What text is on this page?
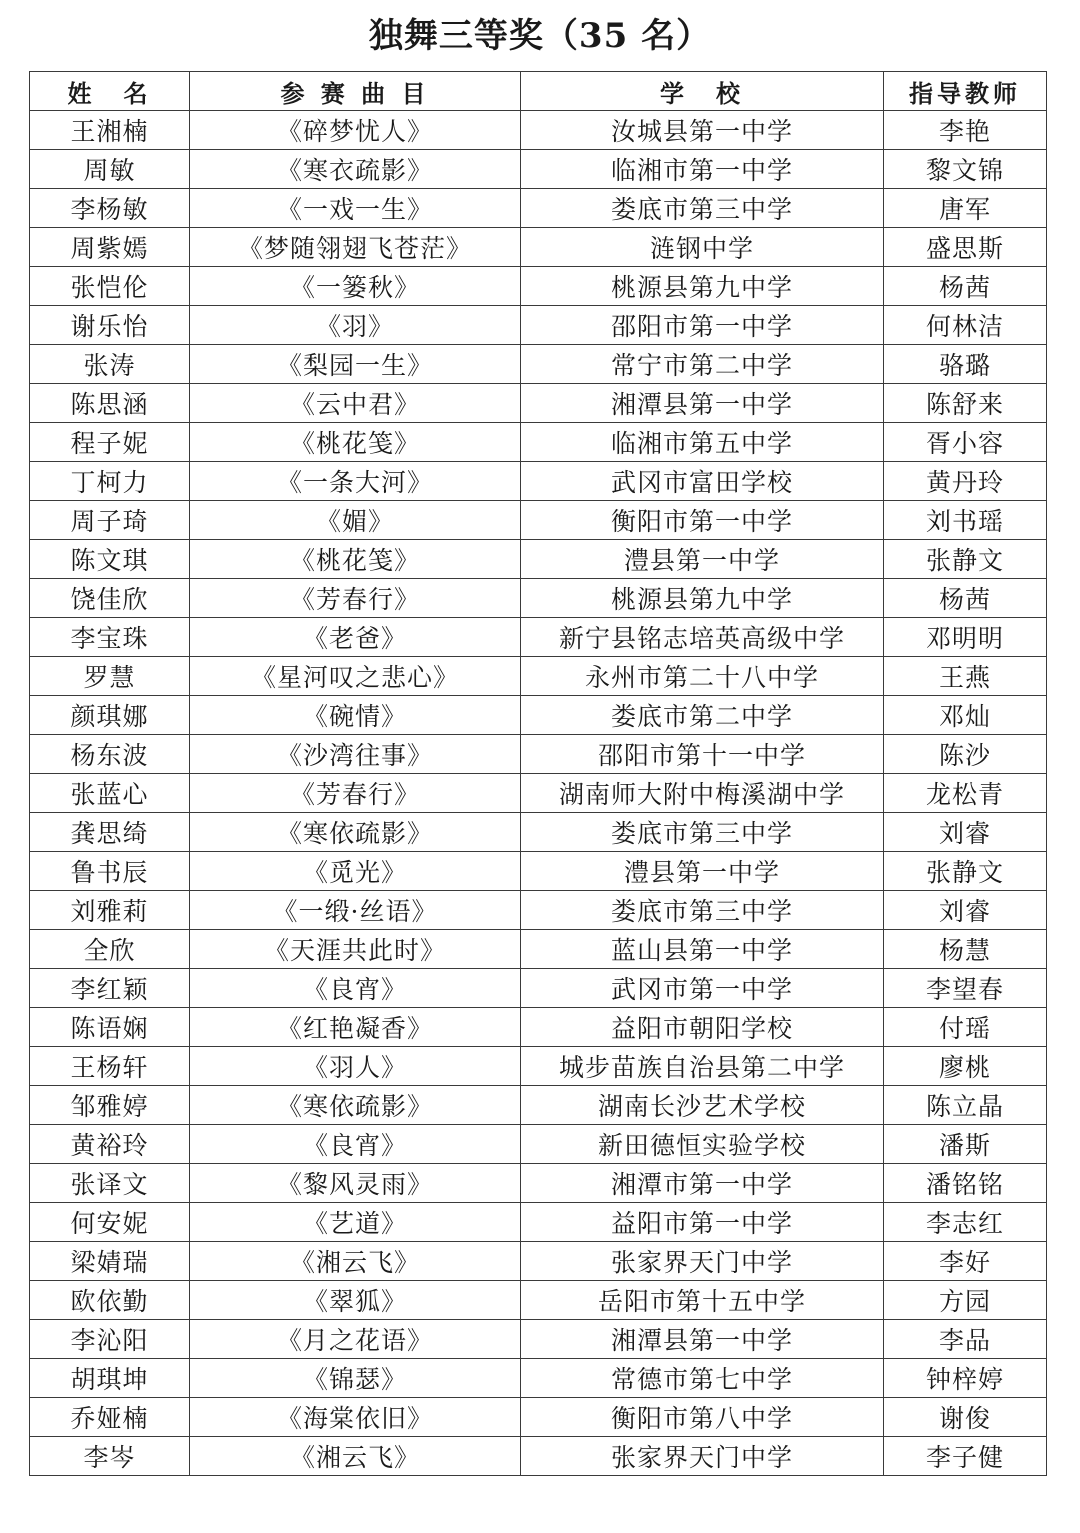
独舞三等奖（35 名）
姓　名	参 赛 曲 目	学　校	指导教师
王湘楠	《碎梦忧人》	汝城县第一中学	李艳
周敏	《寒衣疏影》	临湘市第一中学	黎文锦
李杨敏	《一戏一生》	娄底市第三中学	唐军
周紫嫣	《梦随翎翅飞苍茫》	涟钢中学	盛思斯
张恺伦	《一篓秋》	桃源县第九中学	杨茜
谢乐怡	《羽》	邵阳市第一中学	何林洁
张涛	《梨园一生》	常宁市第二中学	骆璐
陈思涵	《云中君》	湘潭县第一中学	陈舒来
程子妮	《桃花笺》	临湘市第五中学	胥小容
丁柯力	《一条大河》	武冈市富田学校	黄丹玲
周子琦	《媚》	衡阳市第一中学	刘书瑶
陈文琪	《桃花笺》	澧县第一中学	张静文
饶佳欣	《芳春行》	桃源县第九中学	杨茜
李宝珠	《老爸》	新宁县铭志培英高级中学	邓明明
罗慧	《星河叹之悲心》	永州市第二十八中学	王燕
颜琪娜	《碗情》	娄底市第二中学	邓灿
杨东波	《沙湾往事》	邵阳市第十一中学	陈沙
张蓝心	《芳春行》	湖南师大附中梅溪湖中学	龙松青
龚思绮	《寒依疏影》	娄底市第三中学	刘睿
鲁书辰	《觅光》	澧县第一中学	张静文
刘雅莉	《一缎·丝语》	娄底市第三中学	刘睿
全欣	《天涯共此时》	蓝山县第一中学	杨慧
李红颖	《良宵》	武冈市第一中学	李望春
陈语娴	《红艳凝香》	益阳市朝阳学校	付瑶
王杨轩	《羽人》	城步苗族自治县第二中学	廖桃
邹雅婷	《寒依疏影》	湖南长沙艺术学校	陈立晶
黄裕玲	《良宵》	新田德恒实验学校	潘斯
张译文	《黎风灵雨》	湘潭市第一中学	潘铭铭
何安妮	《艺道》	益阳市第一中学	李志红
梁婧瑞	《湘云飞》	张家界天门中学	李好
欧依勤	《翠狐》	岳阳市第十五中学	方园
李沁阳	《月之花语》	湘潭县第一中学	李品
胡琪坤	《锦瑟》	常德市第七中学	钟梓婷
乔娅楠	《海棠依旧》	衡阳市第八中学	谢俊
李岑	《湘云飞》	张家界天门中学	李子健
